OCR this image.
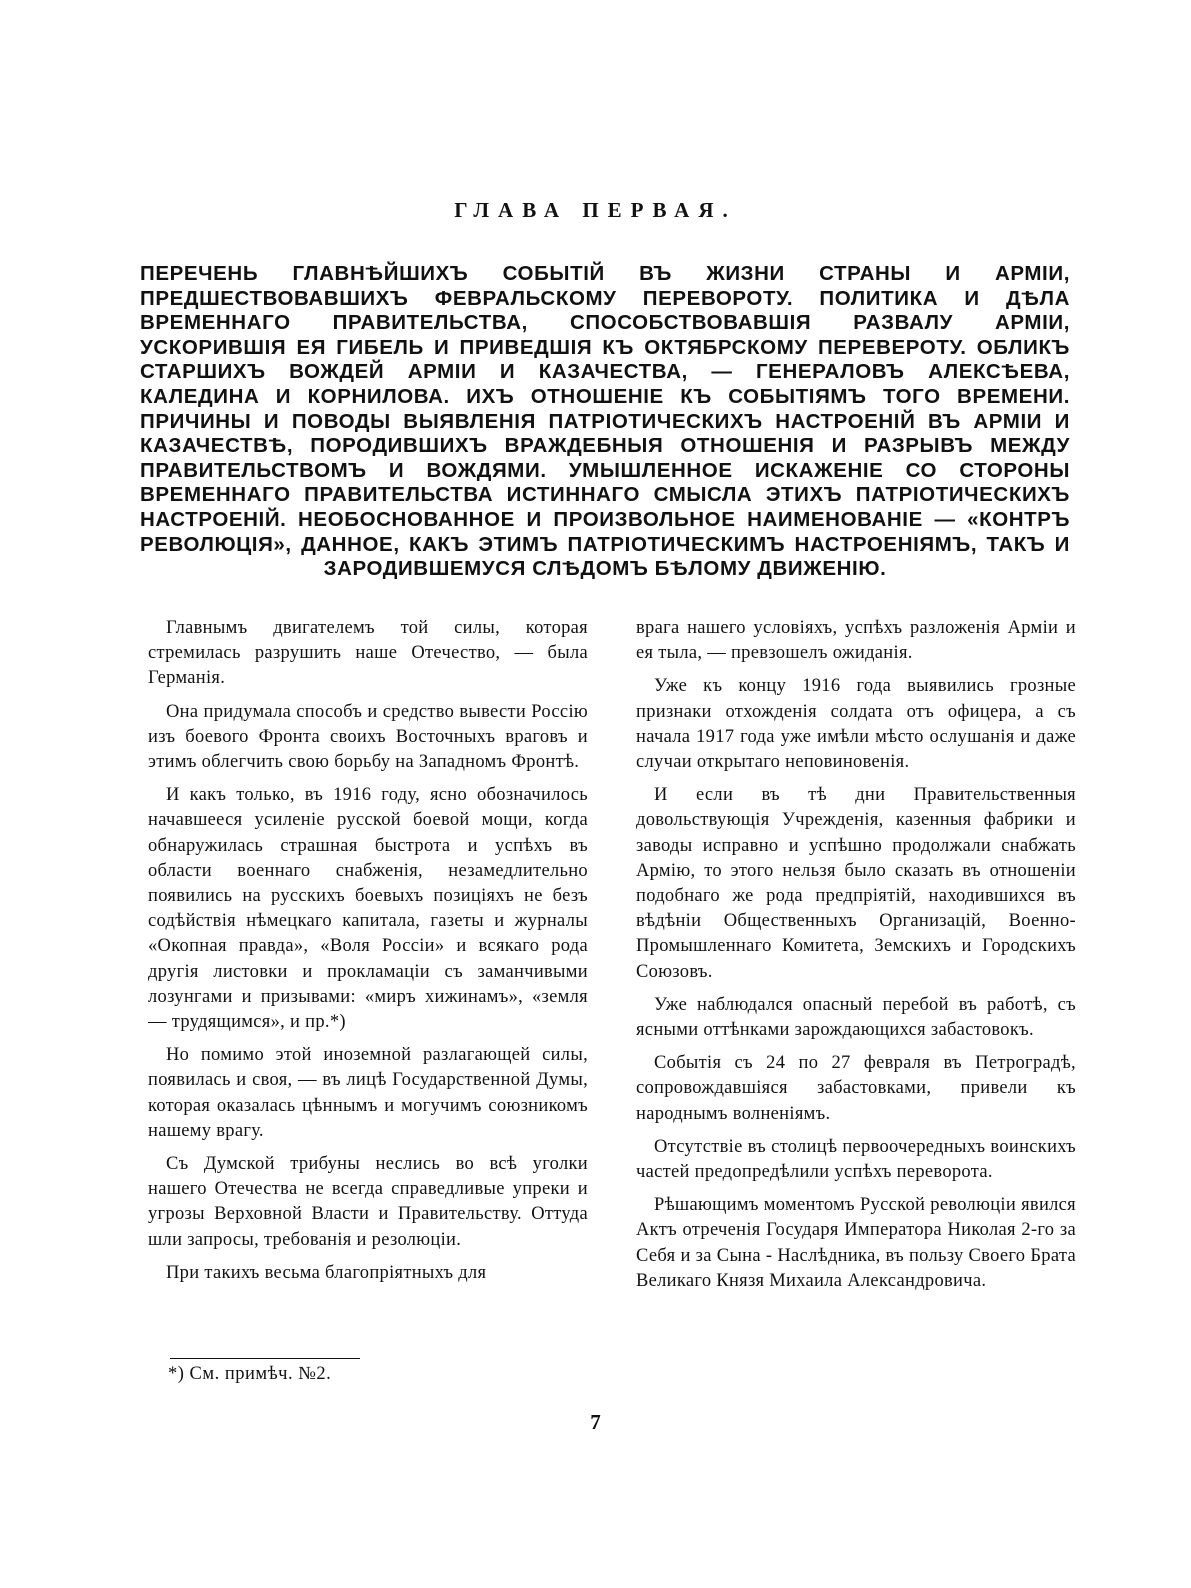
ГЛАВА ПЕРВАЯ.

ПЕРЕЧЕНЬ ГЛАВНѢЙШИХЪ СОБЫТІЙ ВЪ ЖИЗНИ СТРАНЫ И АРМІИ, ПРЕДШЕСТВОВАВШИХЪ ФЕВРАЛЬСКОМУ ПЕРЕВОРОТУ. ПОЛИТИКА И ДѢЛА ВРЕМЕННАГО ПРАВИТЕЛЬСТВА, СПОСОБСТВОВАВШІЯ РАЗВАЛУ АРМІИ, УСКОРИВШІЯ ЕЯ ГИБЕЛЬ И ПРИВЕДШІЯ КЪ ОКТЯБРСКОМУ ПЕРЕВЕРОТУ. ОБЛИКЪ СТАРШИХЪ ВОЖДЕЙ АРМІИ И КАЗАЧЕСТВА, — ГЕНЕРАЛОВЪ АЛЕКСѢЕВА, КАЛЕДИНА И КОРНИЛОВА. ИХЪ ОТНОШЕНІЕ КЪ СОБЫТІЯМЪ ТОГО ВРЕМЕНИ. ПРИЧИНЫ И ПОВОДЫ ВЫЯВЛЕНІЯ ПАТРІОТИЧЕСКИХЪ НАСТРОЕНІЙ ВЪ АРМІИ И КАЗАЧЕСТВѢ, ПОРОДИВШИХЪ ВРАЖДЕБНЫЯ ОТНОШЕНІЯ И РАЗРЫВЪ МЕЖДУ ПРАВИТЕЛЬСТВОМЪ И ВОЖДЯМИ. УМЫШЛЕННОЕ ИСКАЖЕНІЕ СО СТОРОНЫ ВРЕМЕННАГО ПРАВИТЕЛЬСТВА ИСТИННАГО СМЫСЛА ЭТИХЪ ПАТРІОТИЧЕСКИХЪ НАСТРОЕНІЙ. НЕОБОСНОВАННОЕ И ПРОИЗВОЛЬНОЕ НАИМЕНОВАНІЕ — «КОНТРЪ РЕВОЛЮЦІЯ», ДАННОЕ, КАКЪ ЭТИМЪ ПАТРІОТИЧЕСКИМЪ НАСТРОЕНІЯМЪ, ТАКЪ И ЗАРОДИВШЕМУСЯ СЛѢДОМЪ БѢЛОМУ ДВИЖЕНІЮ.

Главнымъ двигателемъ той силы, которая стремилась разрушить наше Отечество, — была Германія.

Она придумала способъ и средство вывести Россію изъ боевого Фронта своихъ Восточныхъ враговъ и этимъ облегчить свою борьбу на Западномъ Фронтѣ.

И какъ только, въ 1916 году, ясно обозначилось начавшееся усиленіе русской боевой мощи, когда обнаружилась страшная быстрота и успѣхъ въ области военнаго снабженія, незамедлительно появились на русскихъ боевыхъ позиціяхъ не безъ содѣйствія нѣмецкаго капитала, газеты и журналы «Окопная правда», «Воля Россіи» и всякаго рода другія листовки и прокламаціи съ заманчивыми лозунгами и призывами: «миръ хижинамъ», «земля — трудящимся», и пр.*)

Но помимо этой иноземной разлагающей силы, появилась и своя, — въ лицѣ Государственной Думы, которая оказалась цѣннымъ и могучимъ союзникомъ нашему врагу.

Съ Думской трибуны неслись во всѣ уголки нашего Отечества не всегда справедливые упреки и угрозы Верховной Власти и Правительству. Оттуда шли запросы, требованія и резолюціи.

При такихъ весьма благопріятныхъ для

врага нашего условіяхъ, успѣхъ разложенія Арміи и ея тыла, — превзошелъ ожиданія.

Уже къ концу 1916 года выявились грозные признаки отхожденія солдата отъ офицера, а съ начала 1917 года уже имѣли мѣсто ослушанія и даже случаи открытаго неповиновенія.

И если въ тѣ дни Правительственныя довольствующія Учрежденія, казенныя фабрики и заводы исправно и успѣшно продолжали снабжать Армію, то этого нельзя было сказать въ отношеніи подобнаго же рода предпріятій, находившихся въ вѣдѣніи Общественныхъ Организацій, Военно-Промышленнаго Комитета, Земскихъ и Городскихъ Союзовъ.

Уже наблюдался опасный перебой въ работѣ, съ ясными оттѣнками зарождающихся забастовокъ.

Событія съ 24 по 27 февраля въ Петроградѣ, сопровождавшіяся забастовками, привели къ народнымъ волненіямъ.

Отсутствіе въ столицѣ первоочередныхъ воинскихъ частей предопредѣлили успѣхъ переворота.

Рѣшающимъ моментомъ Русской революціи явился Актъ отреченія Государя Императора Николая 2-го за Себя и за Сына - Наслѣдника, въ пользу Своего Брата Великаго Князя Михаила Александровича.

*) См. примѣч. №2.
7
